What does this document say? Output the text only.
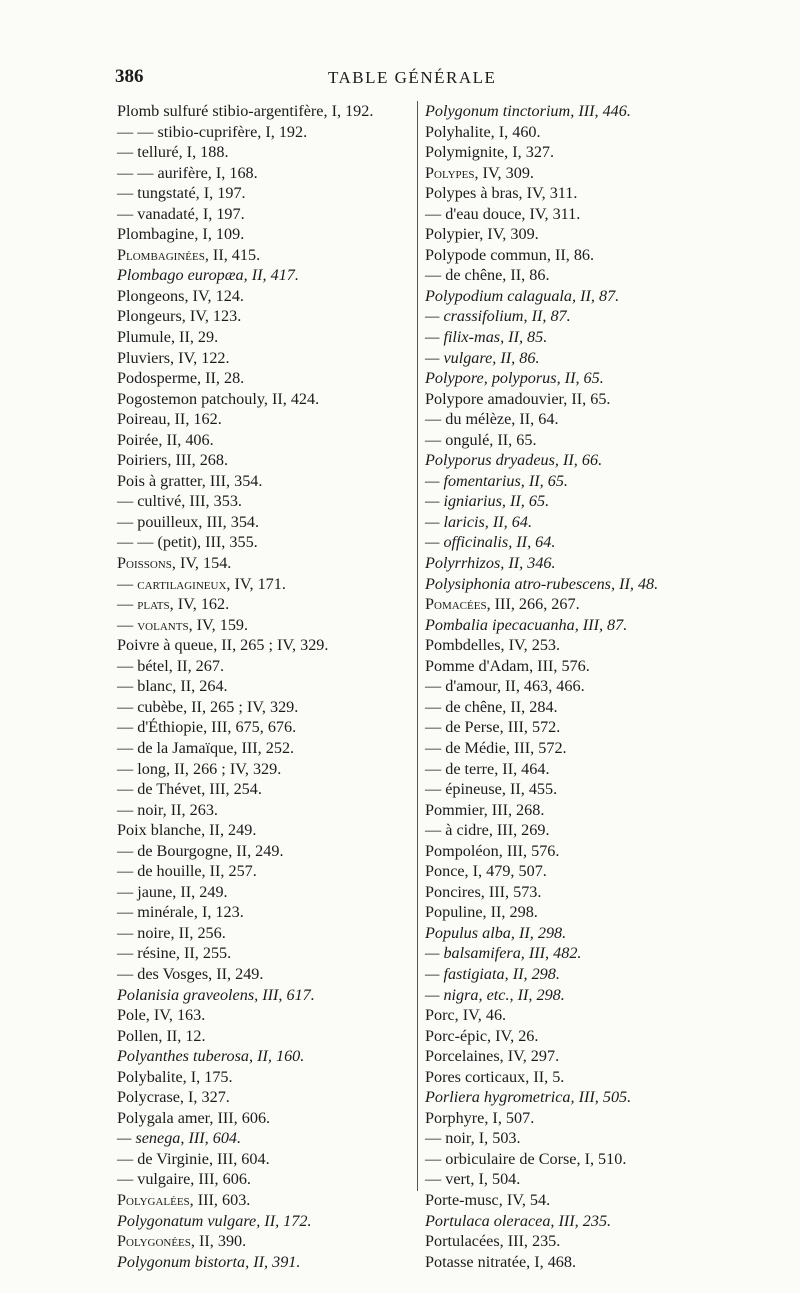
386	TABLE GÉNÉRALE
Plomb sulfuré stibio-argentifère, I, 192.
— — stibio-cuprifère, I, 192.
— telluré, I, 188.
— — aurifère, I, 168.
— tungstaté, I, 197.
— vanadaté, I, 197.
Plombagine, I, 109.
Plombaginées, II, 415.
Plombago europæa, II, 417.
Plongeons, IV, 124.
Plongeurs, IV, 123.
Plumule, II, 29.
Pluviers, IV, 122.
Podosperme, II, 28.
Pogostemon patchouly, II, 424.
Poireau, II, 162.
Poirée, II, 406.
Poiriers, III, 268.
Pois à gratter, III, 354.
— cultivé, III, 353.
— pouilleux, III, 354.
— — (petit), III, 355.
Poissons, IV, 154.
— cartilagineux, IV, 171.
— plats, IV, 162.
— volants, IV, 159.
Poivre à queue, II, 265 ; IV, 329.
— bétel, II, 267.
— blanc, II, 264.
— cubèbe, II, 265 ; IV, 329.
— d'Éthiopie, III, 675, 676.
— de la Jamaïque, III, 252.
— long, II, 266 ; IV, 329.
— de Thévet, III, 254.
— noir, II, 263.
Poix blanche, II, 249.
— de Bourgogne, II, 249.
— de houille, II, 257.
— jaune, II, 249.
— minérale, I, 123.
— noire, II, 256.
— résine, II, 255.
— des Vosges, II, 249.
Polanisia graveolens, III, 617.
Pole, IV, 163.
Pollen, II, 12.
Polyanthes tuberosa, II, 160.
Polybalite, I, 175.
Polycrase, I, 327.
Polygala amer, III, 606.
— senega, III, 604.
— de Virginie, III, 604.
— vulgaire, III, 606.
Polygalées, III, 603.
Polygonatum vulgare, II, 172.
Polygonées, II, 390.
Polygonum bistorta, II, 391.
Polygonum tinctorium, III, 446.
Polyhalite, I, 460.
Polymignite, I, 327.
Polypes, IV, 309.
Polypes à bras, IV, 311.
— d'eau douce, IV, 311.
Polypier, IV, 309.
Polypode commun, II, 86.
— de chêne, II, 86.
Polypodium calaguala, II, 87.
— crassifolium, II, 87.
— filix-mas, II, 85.
— vulgare, II, 86.
Polypore, polyporus, II, 65.
Polypore amadouvier, II, 65.
— du mélèze, II, 64.
— ongulé, II, 65.
Polyporus dryadeus, II, 66.
— fomentarius, II, 65.
— igniarius, II, 65.
— laricis, II, 64.
— officinalis, II, 64.
Polyrrhizos, II, 346.
Polysiphonia atro-rubescens, II, 48.
Pomacées, III, 266, 267.
Pombalia ipecacuanha, III, 87.
Pombdelles, IV, 253.
Pomme d'Adam, III, 576.
— d'amour, II, 463, 466.
— de chêne, II, 284.
— de Perse, III, 572.
— de Médie, III, 572.
— de terre, II, 464.
— épineuse, II, 455.
Pommier, III, 268.
— à cidre, III, 269.
Pompoléon, III, 576.
Ponce, I, 479, 507.
Poncires, III, 573.
Populine, II, 298.
Populus alba, II, 298.
— balsamifera, III, 482.
— fastigiata, II, 298.
— nigra, etc., II, 298.
Porc, IV, 46.
Porc-épic, IV, 26.
Porcelaines, IV, 297.
Pores corticaux, II, 5.
Porliera hygrometrica, III, 505.
Porphyre, I, 507.
— noir, I, 503.
— orbiculaire de Corse, I, 510.
— vert, I, 504.
Porte-musc, IV, 54.
Portulaca oleracea, III, 235.
Portulacées, III, 235.
Potasse nitratée, I, 468.
